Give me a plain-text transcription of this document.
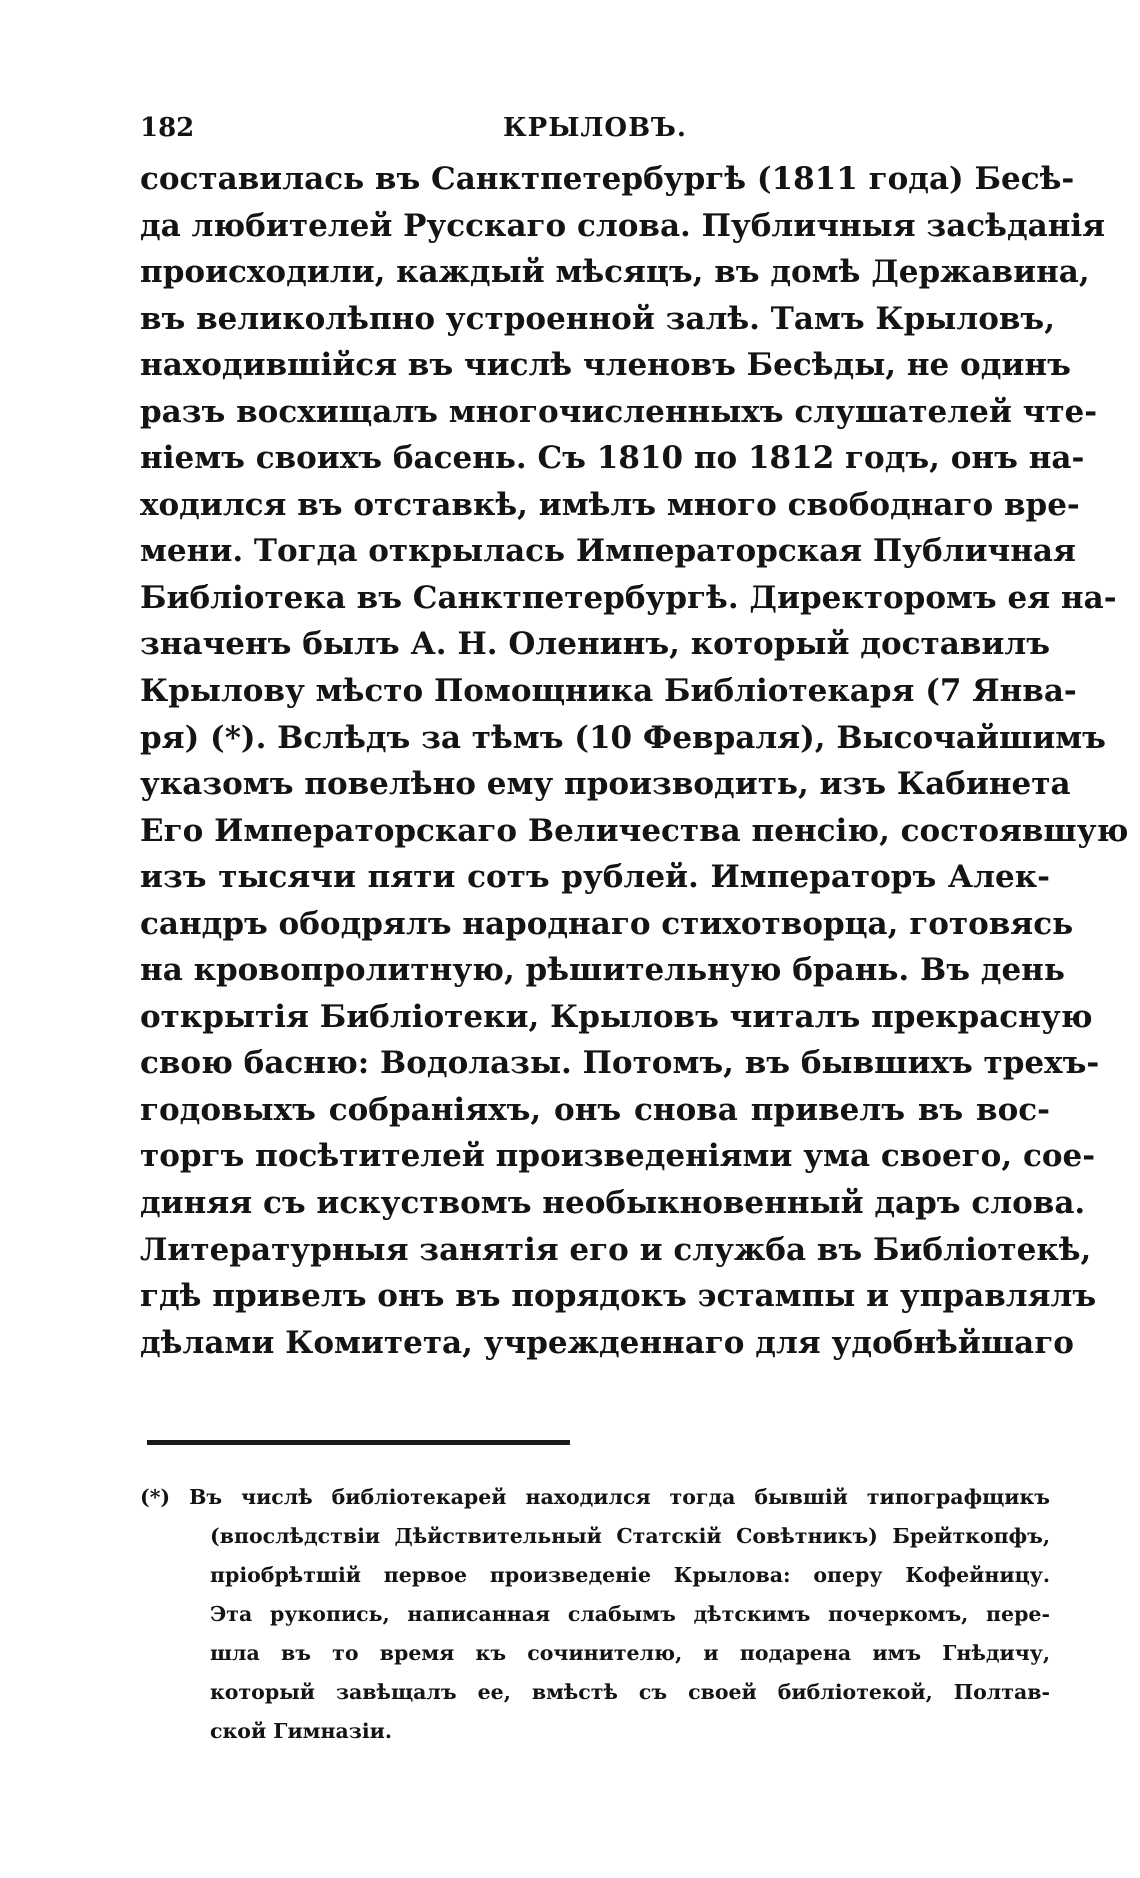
182	КРЫЛОВЪ.
составилась въ Санктпетербургѣ (1811 года) Бесѣ-
да любителей Русскаго слова. Публичныя засѣданія
происходили, каждый мѣсяцъ, въ домѣ Державина,
въ великолѣпно устроенной залѣ. Тамъ Крыловъ,
находившійся въ числѣ членовъ Бесѣды, не одинъ
разъ восхищалъ многочисленныхъ слушателей чте-
ніемъ своихъ басень. Съ 1810 по 1812 годъ, онъ на-
ходился въ отставкѣ, имѣлъ много свободнаго вре-
мени. Тогда открылась Императорская Публичная
Библіотека въ Санктпетербургѣ. Директоромъ ея на-
значенъ былъ А. Н. Оленинъ, который доставилъ
Крылову мѣсто Помощника Библіотекаря (7 Янва-
ря) (*). Вслѣдъ за тѣмъ (10 Февраля), Высочайшимъ
указомъ повелѣно ему производить, изъ Кабинета
Его Императорскаго Величества пенсію, состоявшую
изъ тысячи пяти сотъ рублей. Императоръ Алек-
сандръ ободрялъ народнаго стихотворца, готовясь
на кровопролитную, рѣшительную брань. Въ день
открытія Библіотеки, Крыловъ читалъ прекрасную
свою басню: Водолазы. Потомъ, въ бывшихъ трехъ-
годовыхъ собраніяхъ, онъ снова привелъ въ вос-
торгъ посѣтителей произведеніями ума своего, сое-
диняя съ искуствомъ необыкновенный даръ слова.
Литературныя занятія его и служба въ Библіотекѣ,
гдѣ привелъ онъ въ порядокъ эстампы и управлялъ
дѣлами Комитета, учрежденнаго для удобнѣйшаго
(*) Въ числѣ библіотекарей находился тогда бывшій типографщикъ
(впослѣдствіи Дѣйствительный Статскій Совѣтникъ) Брейткопфъ,
пріобрѣтшій первое произведеніе Крылова: оперу Кофейницу.
Эта рукопись, написанная слабымъ дѣтскимъ почеркомъ, пере-
шла въ то время къ сочинителю, и подарена имъ Гнѣдичу,
который завѣщалъ ее, вмѣстѣ съ своей библіотекой, Полтав-
ской Гимназіи.
